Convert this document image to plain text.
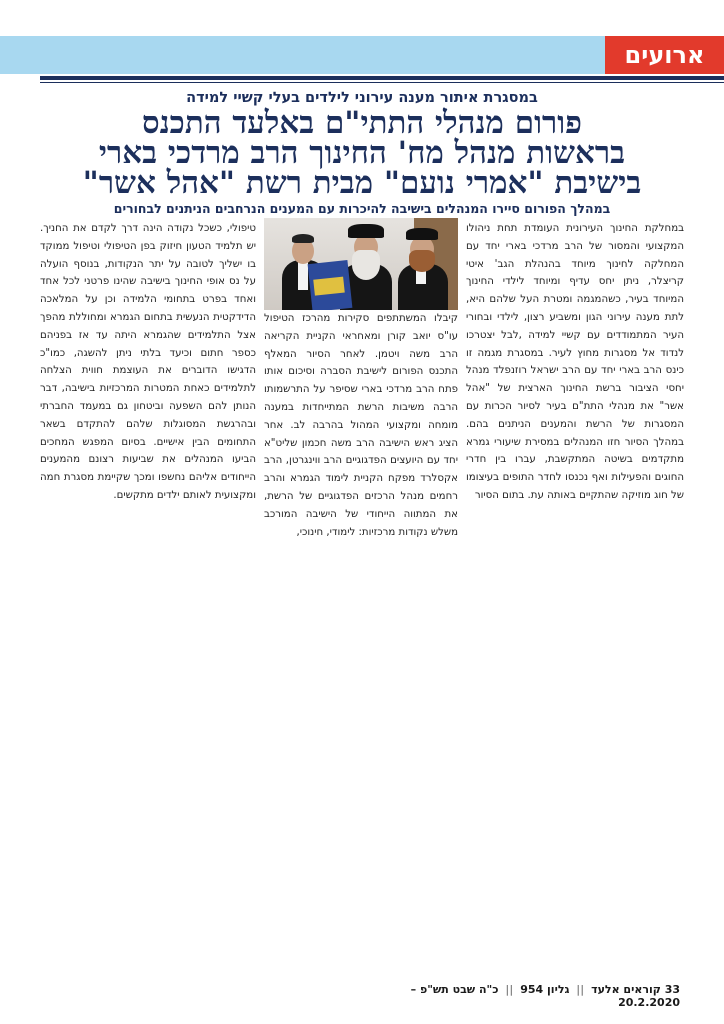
ארועים
במסגרת איתור מענה עירוני לילדים בעלי קשיי למידה
פורום מנהלי התתי"ם באלעד התכנס
בראשות מנהל מח' החינוך הרב מרדכי בארי
בישיבת "אמרי נועם" מבית רשת "אהל אשר"
במהלך הפורום סיירו המנהלים בישיבה להיכרות עם המענים הנרחבים הניתנים לבחורים
במחלקת החינוך העירונית העומדת תחת ניהולו המקצועי והמסור של הרב מרדכי בארי יחד עם המחלקה לחינוך מיוחד בהנהלת הגב' איטי קריצלר, ניתן יחס עדיף ומיוחד לילדי החינוך המיוחד בעיר, כשהמגמה ומטרת העל שלהם היא, לתת מענה עירוני הגון ומשביע רצון, לילדי ובחורי העיר המתמודדים עם קשיי למידה ,לבל יצטרכו לנדוד אל מסגרות מחוץ לעיר. במסגרת מגמה זו כינס הרב בארי יחד עם הרב ישראל רוזנפלד מנהל יחסי הציבור ברשת החינוך הארצית של "אהל אשר" את מנהלי התת"ם בעיר לסיור הכרות עם המסגרות של הרשת והמענים הניתנים בהם. במהלך הסיור חזו המנהלים במסירת שיעורי גמרא מתקדמים בשיטה המתקשבת, עברו בין חדרי החוגים והפעילות ואף נכנסו לחדר התופים בעיצומו של חוג מוזיקה שהתקיים באותה עת. בתום הסיור
קיבלו המשתתפים סקירות מהרכז הטיפול עו"ס יואב קורן ומאחראי הקניית הקריאה הרב משה ויטמן. לאחר הסיור המאלף התכנס הפורום לישיבת הסברה וסיכום אותו פתח הרב מרדכי בארי שסיפר על התרשמותו הרבה משיבות הרשת המתייחדות במענה מומחה ומקצועי המהול בהרבה לב. אחר הציג ראש הישיבה הרב משה חכמון שליט"א יחד עם היועצים הפדגוגיים הרב ווינגרטן, הרב אקסלרד מפקח הקניית לימוד הגמרא והרב רחמים מנהל הרכזים הפדגוגיים של הרשת, את המתווה הייחודי של הישיבה המורכב משלש נקודות מרכזיות: לימודי, חינוכי,
טיפולי, כשכל נקודה הינה דרך לקדם את החניך. יש תלמיד הטעון חיזוק בפן הטיפולי וטיפול ממוקד בו ישליך לטובה על יתר הנקודות, בנוסף הועלה על נס אופי החינוך בישיבה שהינו פרטני לכל אחד ואחד בפרט בתחומי הלמידה וכן על המלאכה הדידקטית הנעשית בתחום הגמרא ומחוללת מהפך אצל התלמידים שהגמרא היתה עד אז בפניהם כספר חתום וכיעד בלתי ניתן להשגה, כמו"כ הדגישו הדוברים את העוצמת חווית הצלחה לתלמידים כאחת המטרות המרכזיות בישיבה, דבר הנותן להם השפעה וביטחון גם במעמד החברתי ובהרגשת המסוגלות שלהם להתקדם בשאר התחומים הבין אישיים. בסיום המפגש המחכים הביעו המנהלים את שביעות רצונם מהמענים הייחודים אליהם נחשפו ומכך שקיימת מסגרת חמה ומקצועית לאותם ילדים מתקשים.
33 קוראים אלעד || גליון 954 || כ"ה שבט תש"פ – 20.2.2020
